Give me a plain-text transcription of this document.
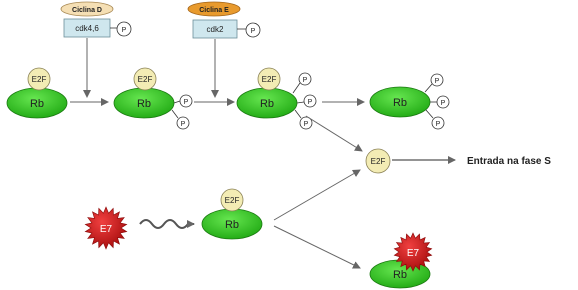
Ciclina D
cdk4,6	P
Ciclina E
cdk2	P
Rb
E2F
Rb
E2F
P
P
Rb
E2F	P
P
P
Rb
P
P
P
E2F	Entrada na fase S
E7	Rb
E2F
Rb
E7
